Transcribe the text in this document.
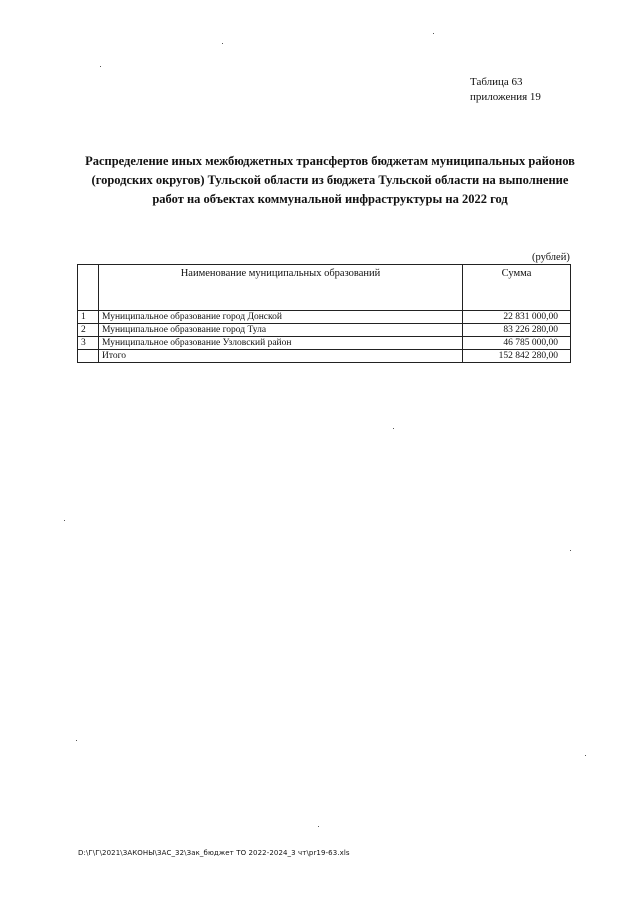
Таблица 63
приложения 19
Распределение иных межбюджетных трансфертов бюджетам муниципальных районов (городских округов) Тульской области из бюджета Тульской области на выполнение работ на объектах коммунальной инфраструктуры на 2022 год
(рублей)
	Наименование муниципальных образований	Сумма
1	Муниципальное образование город Донской	22 831 000,00
2	Муниципальное образование город Тула	83 226 280,00
3	Муниципальное образование Узловский район	46 785 000,00
	Итого	152 842 280,00
D:\Г\Г\2021\ЗАКОНЫ\ЗАС_32\Зак_бюджет ТО 2022-2024_3 чт\pr19-63.xls
